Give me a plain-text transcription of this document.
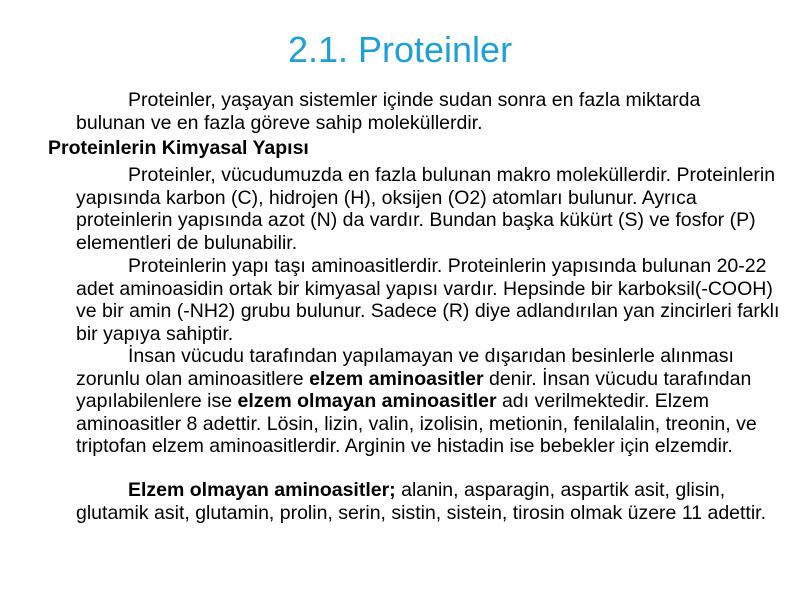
2.1. Proteinler

Proteinler, yaşayan sistemler içinde sudan sonra en fazla miktarda bulunan ve en fazla göreve sahip moleküllerdir.

Proteinlerin Kimyasal Yapısı

Proteinler, vücudumuzda en fazla bulunan makro moleküllerdir. Proteinlerin yapısında karbon (C), hidrojen (H), oksijen (O2) atomları bulunur. Ayrıca proteinlerin yapısında azot (N) da vardır. Bundan başka kükürt (S) ve fosfor (P) elementleri de bulunabilir.

Proteinlerin yapı taşı aminoasitlerdir. Proteinlerin yapısında bulunan 20-22 adet aminoasidin ortak bir kimyasal yapısı vardır. Hepsinde bir karboksil(-COOH) ve bir amin (-NH2) grubu bulunur. Sadece (R) diye adlandırılan yan zincirleri farklı bir yapıya sahiptir.

İnsan vücudu tarafından yapılamayan ve dışarıdan besinlerle alınması zorunlu olan aminoasitlere elzem aminoasitler denir. İnsan vücudu tarafından yapılabilenlere ise elzem olmayan aminoasitler adı verilmektedir. Elzem aminoasitler 8 adettir. Lösin, lizin, valin, izolisin, metionin, fenilalalin, treonin, ve triptofan elzem aminoasitlerdir. Arginin ve histadin ise bebekler için elzemdir.

Elzem olmayan aminoasitler; alanin, asparagin, aspartik asit, glisin, glutamik asit, glutamin, prolin, serin, sistin, sistein, tirosin olmak üzere 11 adettir.
